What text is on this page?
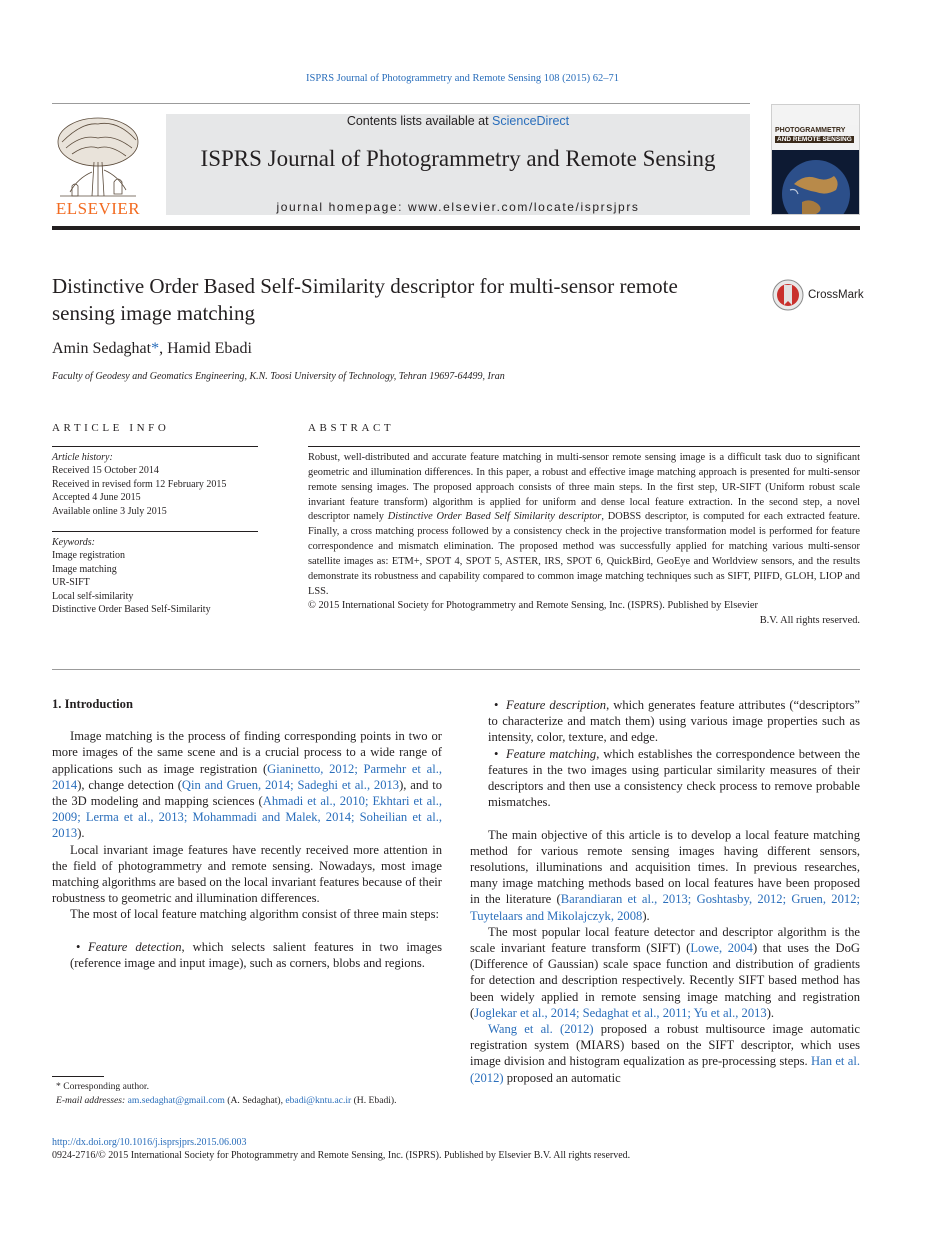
ISPRS Journal of Photogrammetry and Remote Sensing 108 (2015) 62–71
ELSEVIER
Contents lists available at ScienceDirect
ISPRS Journal of Photogrammetry and Remote Sensing
journal homepage: www.elsevier.com/locate/isprsjprs
PHOTOGRAMMETRY
AND REMOTE SENSING
Distinctive Order Based Self-Similarity descriptor for multi-sensor remote sensing image matching
CrossMark
Amin Sedaghat*, Hamid Ebadi
Faculty of Geodesy and Geomatics Engineering, K.N. Toosi University of Technology, Tehran 19697-64499, Iran
ARTICLE INFO	ABSTRACT
Article history:
Received 15 October 2014
Received in revised form 12 February 2015
Accepted 4 June 2015
Available online 3 July 2015
Keywords:
Image registration
Image matching
UR-SIFT
Local self-similarity
Distinctive Order Based Self-Similarity
Robust, well-distributed and accurate feature matching in multi-sensor remote sensing image is a difficult task duo to significant geometric and illumination differences. In this paper, a robust and effective image matching approach is presented for multi-sensor remote sensing images. The proposed approach consists of three main steps. In the first step, UR-SIFT (Uniform robust scale invariant feature transform) algorithm is applied for uniform and dense local feature extraction. In the second step, a novel descriptor namely Distinctive Order Based Self Similarity descriptor, DOBSS descriptor, is computed for each extracted feature. Finally, a cross matching process followed by a consistency check in the projective transformation model is performed for feature correspondence and mismatch elimination. The proposed method was successfully applied for matching various multi-sensor satellite images as: ETM+, SPOT 4, SPOT 5, ASTER, IRS, SPOT 6, QuickBird, GeoEye and Worldview sensors, and the results demonstrate its robustness and capability compared to common image matching techniques such as SIFT, PIIFD, GLOH, LIOP and LSS.
© 2015 International Society for Photogrammetry and Remote Sensing, Inc. (ISPRS). Published by Elsevier
B.V. All rights reserved.
1. Introduction

Image matching is the process of finding corresponding points in two or more images of the same scene and is a crucial process to a wide range of applications such as image registration (Gianinetto, 2012; Parmehr et al., 2014), change detection (Qin and Gruen, 2014; Sadeghi et al., 2013), and to the 3D modeling and mapping sciences (Ahmadi et al., 2010; Ekhtari et al., 2009; Lerma et al., 2013; Mohammadi and Malek, 2014; Soheilian et al., 2013).

Local invariant image features have recently received more attention in the field of photogrammetry and remote sensing. Nowadays, most image matching algorithms are based on the local invariant features because of their robustness to geometric and illumination differences.

The most of local feature matching algorithm consist of three main steps:

• Feature detection, which selects salient features in two images (reference image and input image), such as corners, blobs and regions.

• Feature description, which generates feature attributes (“descriptors” to characterize and match them) using various image properties such as intensity, color, texture, and edge.

• Feature matching, which establishes the correspondence between the features in the two images using particular similarity measures of their descriptors and then use a consistency check process to remove probable mismatches.

The main objective of this article is to develop a local feature matching method for various remote sensing images having different sensors, resolutions, illuminations and acquisition times. In previous researches, many image matching methods based on local features have been proposed in the literature (Barandiaran et al., 2013; Goshtasby, 2012; Gruen, 2012; Tuytelaars and Mikolajczyk, 2008).

The most popular local feature detector and descriptor algorithm is the scale invariant feature transform (SIFT) (Lowe, 2004) that uses the DoG (Difference of Gaussian) scale space function and distribution of gradients for detection and description respectively. Recently SIFT based method has been widely applied in remote sensing image matching and registration (Joglekar et al., 2014; Sedaghat et al., 2011; Yu et al., 2013).

Wang et al. (2012) proposed a robust multisource image automatic registration system (MIARS) based on the SIFT descriptor, which uses image division and histogram equalization as pre-processing steps. Han et al. (2012) proposed an automatic

* Corresponding author.
E-mail addresses: am.sedaghat@gmail.com (A. Sedaghat), ebadi@kntu.ac.ir (H. Ebadi).
http://dx.doi.org/10.1016/j.isprsjprs.2015.06.003
0924-2716/© 2015 International Society for Photogrammetry and Remote Sensing, Inc. (ISPRS). Published by Elsevier B.V. All rights reserved.
